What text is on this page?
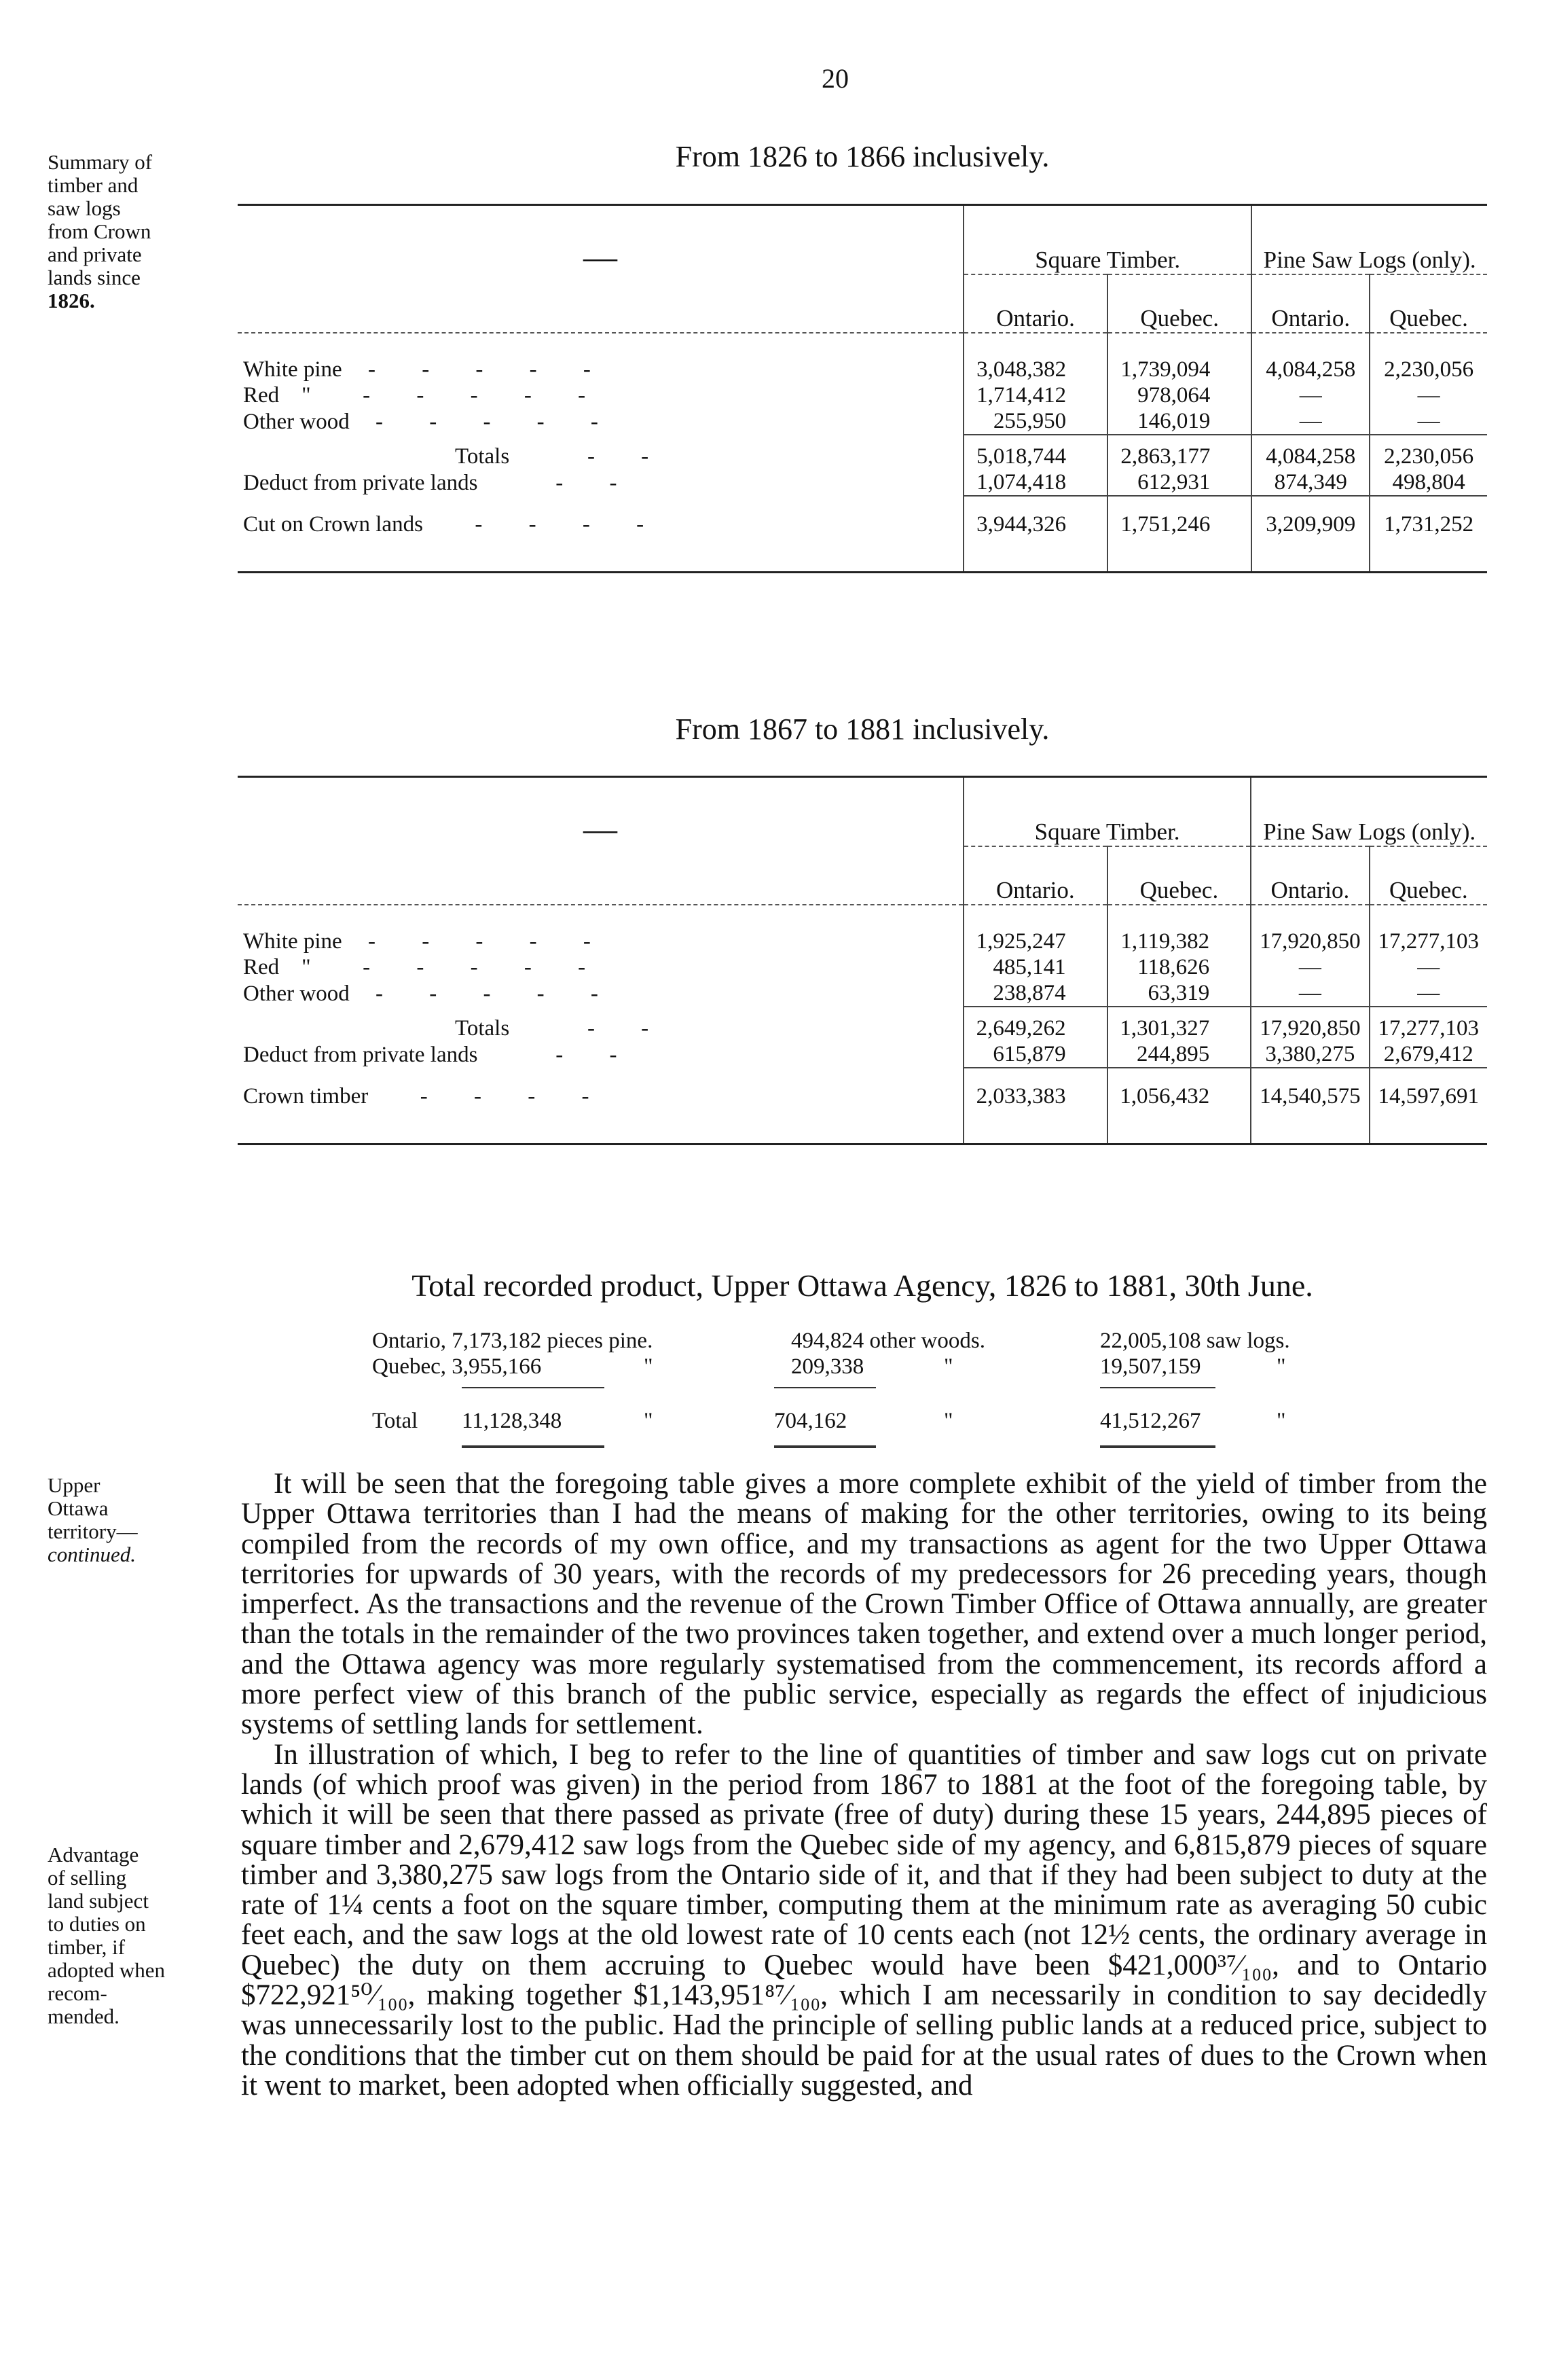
20
Summary of
timber and
saw logs
from Crown
and private
lands since
1826.
From 1826 to 1866 inclusively.
—	Square Timber.		Pine Saw Logs (only).	
	Ontario.	Quebec.	Ontario.	Quebec.
White pine - - - - -	3,048,382	1,739,094	4,084,258	2,230,056
Red    "  - - - - -	1,714,412	978,064	—	—
Other wood - - - - -	255,950	146,019	—	—
Totals   - -	5,018,744	2,863,177	4,084,258	2,230,056
Deduct from private lands   - -	1,074,418	612,931	874,349	498,804
Cut on Crown lands  - - - -	3,944,326	1,751,246	3,209,909	1,731,252

From 1867 to 1881 inclusively.
—	Square Timber.		Pine Saw Logs (only).	
	Ontario.	Quebec.	Ontario.	Quebec.
White pine - - - - -	1,925,247	1,119,382	17,920,850	17,277,103
Red    "  - - - - -	485,141	118,626	—	—
Other wood - - - - -	238,874	63,319	—	—
Totals   - -	2,649,262	1,301,327	17,920,850	17,277,103
Deduct from private lands   - -	615,879	244,895	3,380,275	2,679,412
Crown timber  - - - -	2,033,383	1,056,432	14,540,575	14,597,691

Total recorded product, Upper Ottawa Agency, 1826 to 1881, 30th June.
Ontario, 7,173,182 pieces pine.	494,824 other woods.	22,005,108 saw logs.
Quebec, 3,955,166	"	209,338	"	19,507,159	"
Total 11,128,348	"	704,162	"	41,512,267	"
Upper
Ottawa
territory—
continued.
Advantage
of selling
land subject
to duties on
timber, if
adopted when
recom-
mended.

It will be seen that the foregoing table gives a more complete exhibit of the yield of timber from the Upper Ottawa territories than I had the means of making for the other territories, owing to its being compiled from the records of my own office, and my transactions as agent for the two Upper Ottawa territories for upwards of 30 years, with the records of my predecessors for 26 preceding years, though imperfect. As the transactions and the revenue of the Crown Timber Office of Ottawa annually, are greater than the totals in the remainder of the two provinces taken together, and extend over a much longer period, and the Ottawa agency was more regularly systematised from the commencement, its records afford a more perfect view of this branch of the public service, especially as regards the effect of injudicious systems of settling lands for settlement.

In illustration of which, I beg to refer to the line of quantities of timber and saw logs cut on private lands (of which proof was given) in the period from 1867 to 1881 at the foot of the foregoing table, by which it will be seen that there passed as private (free of duty) during these 15 years, 244,895 pieces of square timber and 2,679,412 saw logs from the Quebec side of my agency, and 6,815,879 pieces of square timber and 3,380,275 saw logs from the Ontario side of it, and that if they had been subject to duty at the rate of 1¼ cents a foot on the square timber, computing them at the minimum rate as averaging 50 cubic feet each, and the saw logs at the old lowest rate of 10 cents each (not 12½ cents, the ordinary average in Quebec) the duty on them accruing to Quebec would have been $421,000³⁷⁄₁₀₀, and to Ontario $722,921⁵⁰⁄₁₀₀, making together $1,143,951⁸⁷⁄₁₀₀, which I am necessarily in condition to say decidedly was unnecessarily lost to the public. Had the principle of selling public lands at a reduced price, subject to the conditions that the timber cut on them should be paid for at the usual rates of dues to the Crown when it went to market, been adopted when officially suggested, and
